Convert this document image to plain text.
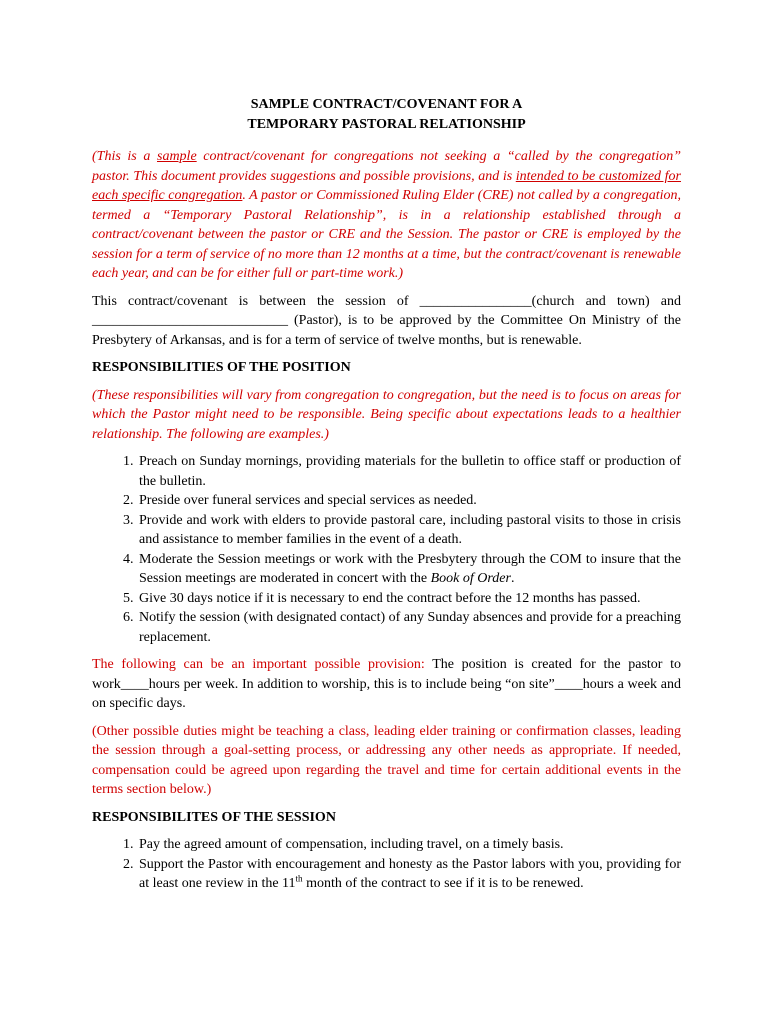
SAMPLE CONTRACT/COVENANT FOR A
TEMPORARY PASTORAL RELATIONSHIP

(This is a sample contract/covenant for congregations not seeking a “called by the congregation” pastor. This document provides suggestions and possible provisions, and is intended to be customized for each specific congregation. A pastor or Commissioned Ruling Elder (CRE) not called by a congregation, termed a “Temporary Pastoral Relationship”, is in a relationship established through a contract/covenant between the pastor or CRE and the Session. The pastor or CRE is employed by the session for a term of service of no more than 12 months at a time, but the contract/covenant is renewable each year, and can be for either full or part-time work.)

This contract/covenant is between the session of ________________(church and town) and ____________________________ (Pastor), is to be approved by the Committee On Ministry of the Presbytery of Arkansas, and is for a term of service of twelve months, but is renewable.

RESPONSIBILITIES OF THE POSITION

(These responsibilities will vary from congregation to congregation, but the need is to focus on areas for which the Pastor might need to be responsible. Being specific about expectations leads to a healthier relationship. The following are examples.)

1. Preach on Sunday mornings, providing materials for the bulletin to office staff or production of the bulletin.
2. Preside over funeral services and special services as needed.
3. Provide and work with elders to provide pastoral care, including pastoral visits to those in crisis and assistance to member families in the event of a death.
4. Moderate the Session meetings or work with the Presbytery through the COM to insure that the Session meetings are moderated in concert with the Book of Order.
5. Give 30 days notice if it is necessary to end the contract before the 12 months has passed.
6. Notify the session (with designated contact) of any Sunday absences and provide for a preaching replacement.

The following can be an important possible provision: The position is created for the pastor to work____hours per week. In addition to worship, this is to include being “on site”____hours a week and on specific days.

(Other possible duties might be teaching a class, leading elder training or confirmation classes, leading the session through a goal-setting process, or addressing any other needs as appropriate. If needed, compensation could be agreed upon regarding the travel and time for certain additional events in the terms section below.)

RESPONSIBILITES OF THE SESSION
1. Pay the agreed amount of compensation, including travel, on a timely basis.
2. Support the Pastor with encouragement and honesty as the Pastor labors with you, providing for at least one review in the 11th month of the contract to see if it is to be renewed.
